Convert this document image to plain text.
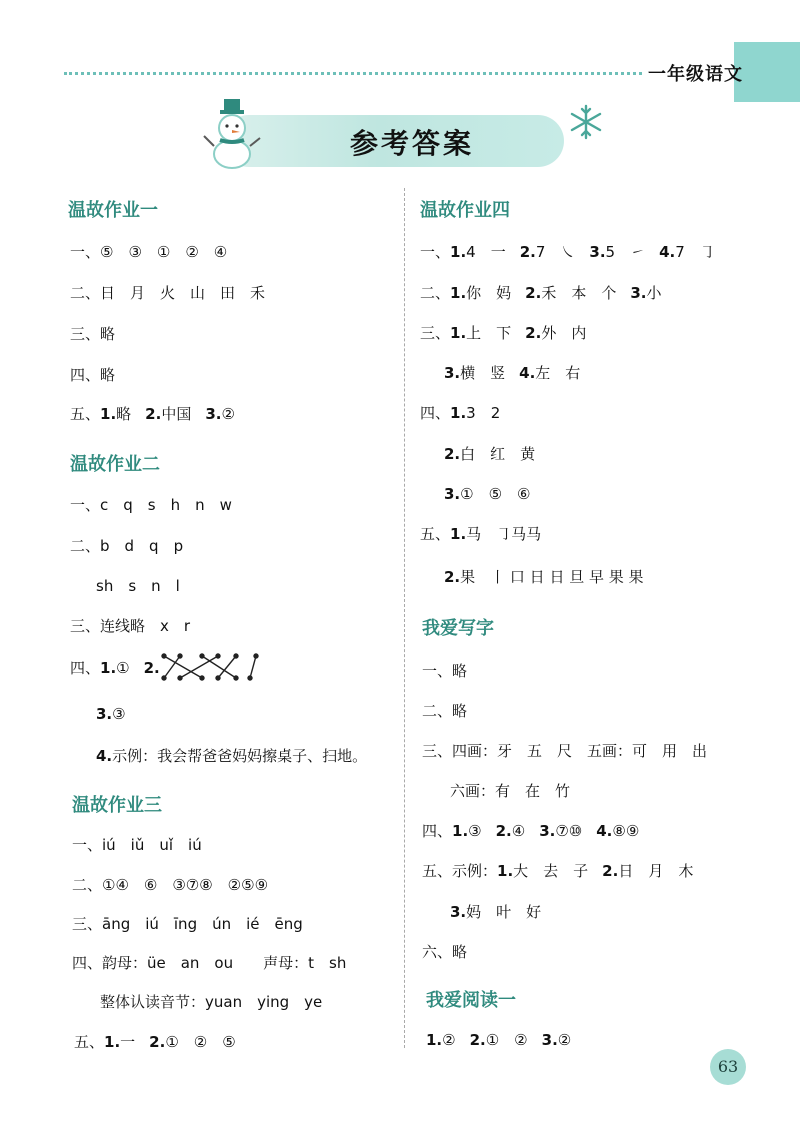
一年级语文
参考答案
温故作业一
一、⑤　③　①　②　④
二、日　月　火　山　田　禾
三、略
四、略
五、1.略 2.中国 3.②
温故作业二
一、c　q　s　h　n　w
二、b　d　q　p
sh　s　n　l
三、连线略　x　r
四、1.① 2.
3.③
4.示例：我会帮爸爸妈妈擦桌子、扫地。
温故作业三
一、iú　iǔ　uǐ　iú
二、①④　⑥　③⑦⑧　②⑤⑨
三、āng　iú　īng　ún　ié　ēng
四、韵母：üe　an　ou　　声母：t　sh
整体认读音节：yuan　ying　ye
五、1.一 2.①　②　⑤
温故作业四
一、1.4　一 2.7　㇏ 3.5　㇀ 4.7　㇆
二、1.你　妈 2.禾　本　个 3.小
三、1.上　下 2.外　内
3.横　竖 4.左　右
四、1.3　2
2.白　红　黄
3.①　⑤　⑥
五、1.马　㇆马马
2.果　丨 口 日 日 旦 早 果 果
我爱写字
一、略
二、略
三、四画：牙　五　尺　五画：可　用　出
六画：有　在　竹
四、1.③ 2.④ 3.⑦⑩ 4.⑧⑨
五、示例：1.大　去　子 2.日　月　木
3.妈　叶　好
六、略
我爱阅读一
1.② 2.①　② 3.②
63
